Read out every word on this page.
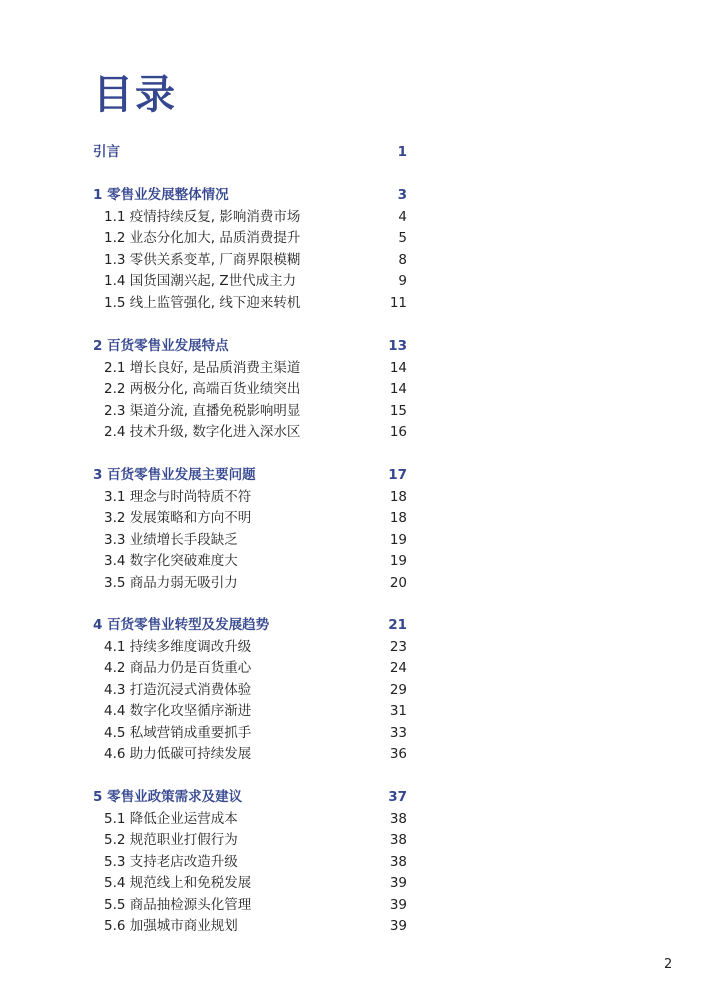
目录
引言	1
1 零售业发展整体情况	3
1.1 疫情持续反复, 影响消费市场	4
1.2 业态分化加大, 品质消费提升	5
1.3 零供关系变革, 厂商界限模糊	8
1.4 国货国潮兴起, Z世代成主力	9
1.5 线上监管强化, 线下迎来转机	11
2 百货零售业发展特点	13
2.1 增长良好, 是品质消费主渠道	14
2.2 两极分化, 高端百货业绩突出	14
2.3 渠道分流, 直播免税影响明显	15
2.4 技术升级, 数字化进入深水区	16
3 百货零售业发展主要问题	17
3.1 理念与时尚特质不符	18
3.2 发展策略和方向不明	18
3.3 业绩增长手段缺乏	19
3.4 数字化突破难度大	19
3.5 商品力弱无吸引力	20
4 百货零售业转型及发展趋势	21
4.1 持续多维度调改升级	23
4.2 商品力仍是百货重心	24
4.3 打造沉浸式消费体验	29
4.4 数字化攻坚循序渐进	31
4.5 私域营销成重要抓手	33
4.6 助力低碳可持续发展	36
5 零售业政策需求及建议	37
5.1 降低企业运营成本	38
5.2 规范职业打假行为	38
5.3 支持老店改造升级	38
5.4 规范线上和免税发展	39
5.5 商品抽检源头化管理	39
5.6 加强城市商业规划	39
2
